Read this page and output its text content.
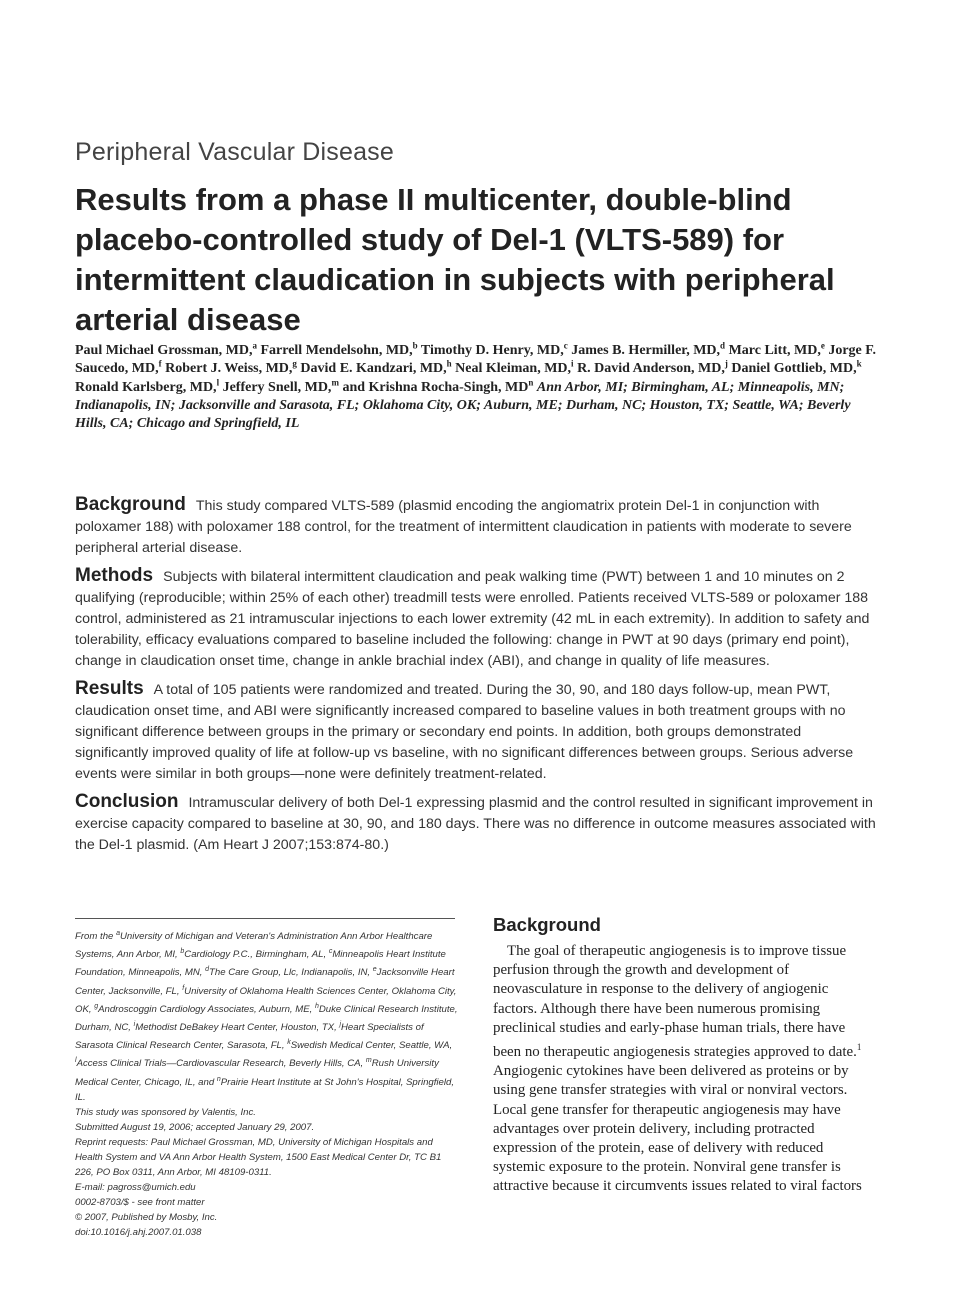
Peripheral Vascular Disease
Results from a phase II multicenter, double-blind placebo-controlled study of Del-1 (VLTS-589) for intermittent claudication in subjects with peripheral arterial disease
Paul Michael Grossman, MD,$^a$ Farrell Mendelsohn, MD,$^b$ Timothy D. Henry, MD,$^c$ James B. Hermiller, MD,$^d$ Marc Litt, MD,$^e$ Jorge F. Saucedo, MD,$^f$ Robert J. Weiss, MD,$^g$ David E. Kandzari, MD,$^h$ Neal Kleiman, MD,$^i$ R. David Anderson, MD,$^j$ Daniel Gottlieb, MD,$^k$ Ronald Karlsberg, MD,$^l$ Jeffery Snell, MD,$^m$ and Krishna Rocha-Singh, $MD^n$ Ann Arbor, MI; Birmingham, AL; Minneapolis, MN; Indianapolis, IN; Jacksonville and Sarasota, FL; Oklahoma City, OK; Auburn, ME; Durham, NC; Houston, TX; Seattle, WA; Beverly Hills, CA; Chicago and Springfield, IL

Background This study compared VLTS-589 (plasmid encoding the angiomatrix protein Del-1 in conjunction with poloxamer 188) with poloxamer 188 control, for the treatment of intermittent claudication in patients with moderate to severe peripheral arterial disease.

Methods Subjects with bilateral intermittent claudication and peak walking time (PWT) between 1 and 10 minutes on 2 qualifying (reproducible; within 25% of each other) treadmill tests were enrolled. Patients received VLTS-589 or poloxamer 188 control, administered as 21 intramuscular injections to each lower extremity (42 mL in each extremity). In addition to safety and tolerability, efficacy evaluations compared to baseline included the following: change in PWT at 90 days (primary end point), change in claudication onset time, change in ankle brachial index (ABI), and change in quality of life measures.

Results A total of 105 patients were randomized and treated. During the 30, 90, and 180 days follow-up, mean PWT, claudication onset time, and ABI were significantly increased compared to baseline values in both treatment groups with no significant difference between groups in the primary or secondary end points. In addition, both groups demonstrated significantly improved quality of life at follow-up vs baseline, with no significant differences between groups. Serious adverse events were similar in both groups—none were definitely treatment-related.

Conclusion Intramuscular delivery of both Del-1 expressing plasmid and the control resulted in significant improvement in exercise capacity compared to baseline at 30, 90, and 180 days. There was no difference in outcome measures associated with the Del-1 plasmid. (Am Heart J 2007;153:874-80.)

From the $^a$University of Michigan and Veteran's Administration Ann Arbor Healthcare Systems, Ann Arbor, MI, $^b$Cardiology P.C., Birmingham, AL, $^c$Minneapolis Heart Institute Foundation, Minneapolis, MN, $^d$The Care Group, Llc, Indianapolis, IN, $^e$Jacksonville Heart Center, Jacksonville, FL, $^f$University of Oklahoma Health Sciences Center, Oklahoma City, OK, $^g$Androscoggin Cardiology Associates, Auburn, ME, $^h$Duke Clinical Research Institute, Durham, NC, $^i$Methodist DeBakey Heart Center, Houston, TX, $^j$Heart Specialists of Sarasota Clinical Research Center, Sarasota, FL, $^k$Swedish Medical Center, Seattle, WA, $^l$Access Clinical Trials—Cardiovascular Research, Beverly Hills, CA, $^m$Rush University Medical Center, Chicago, IL, and $^n$Prairie Heart Institute at St John's Hospital, Springfield, IL.

This study was sponsored by Valentis, Inc.

Submitted August 19, 2006; accepted January 29, 2007.

Reprint requests: Paul Michael Grossman, MD, University of Michigan Hospitals and Health System and VA Ann Arbor Health System, 1500 East Medical Center Dr, TC B1 226, PO Box 0311, Ann Arbor, MI 48109-0311.

E-mail: pagross@umich.edu

0002-8703/$ - see front matter

© 2007, Published by Mosby, Inc.

doi:10.1016/j.ahj.2007.01.038

Background

The goal of therapeutic angiogenesis is to improve tissue perfusion through the growth and development of neovasculature in response to the delivery of angiogenic factors. Although there have been numerous promising preclinical studies and early-phase human trials, there have been no therapeutic angiogenesis strategies approved to date.$^1$ Angiogenic cytokines have been delivered as proteins or by using gene transfer strategies with viral or nonviral vectors. Local gene transfer for therapeutic angiogenesis may have advantages over protein delivery, including protracted expression of the protein, ease of delivery with reduced systemic exposure to the protein. Nonviral gene transfer is attractive because it circumvents issues related to viral factors
